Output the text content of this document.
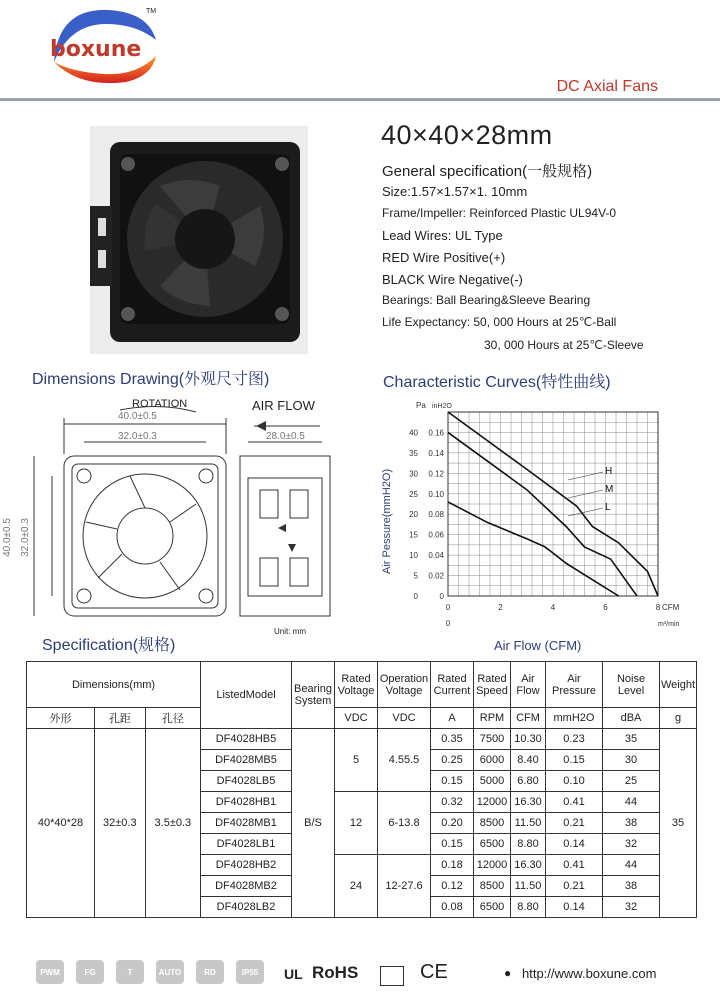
boxune
TM
DC Axial Fans
40×40×28mm
General specification(一般规格)
Size:1.57×1.57×1. 10mm
Frame/Impeller: Reinforced Plastic UL94V-0
Lead Wires: UL Type
RED Wire Positive(+)
BLACK Wire Negative(-)
Bearings: Ball Bearing&Sleeve Bearing
Life Expectancy: 50, 000 Hours at 25℃-Ball
30, 000 Hours at 25℃-Sleeve
Dimensions Drawing(外观尺寸图)	Characteristic Curves(特性曲线)
ROTATION	AIR FLOW
40.0±0.5
32.0±0.3	28.0±0.5
40.0±0.5 32.0±0.3
Unit: mm
0
5
10
15
20
25
30
35
40
0
0.02
0.04
0.06
0.08
0.10
0.12
0.14
0.16
0	2	4	6	8
0
CFM
m³/min
Pa inH2O
Air Pessure(mmH2O)	H
M
L
Air Flow (CFM)
Specification(规格)
Dimensions(mm)			ListedModel	Bearing System	Rated Voltage	Operation Voltage	Rated Current	Rated Speed	Air Flow	Air Pressure	Noise Level	Weight
外形	孔距	孔径			VDC	VDC	A	RPM	CFM	mmH2O	dBA	g
40*40*28	32±0.3	3.5±0.3	DF4028HB5	B/S	5	4.55.5	0.35	7500	10.30	0.23	35	35
			DF4028MB5				0.25	6000	8.40	0.15	30	
			DF4028LB5				0.15	5000	6.80	0.10	25	
			DF4028HB1		12	6-13.8	0.32	12000	16.30	0.41	44	
			DF4028MB1				0.20	8500	11.50	0.21	38	
			DF4028LB1				0.15	6500	8.80	0.14	32	
			DF4028HB2		24	12-27.6	0.18	12000	16.30	0.41	44	
			DF4028MB2				0.12	8500	11.50	0.21	38	
			DF4028LB2				0.08	6500	8.80	0.14	32	
PWM	FG	T	AUTO	RD	IP55	UL RoHS	CE	● http://www.boxune.com
